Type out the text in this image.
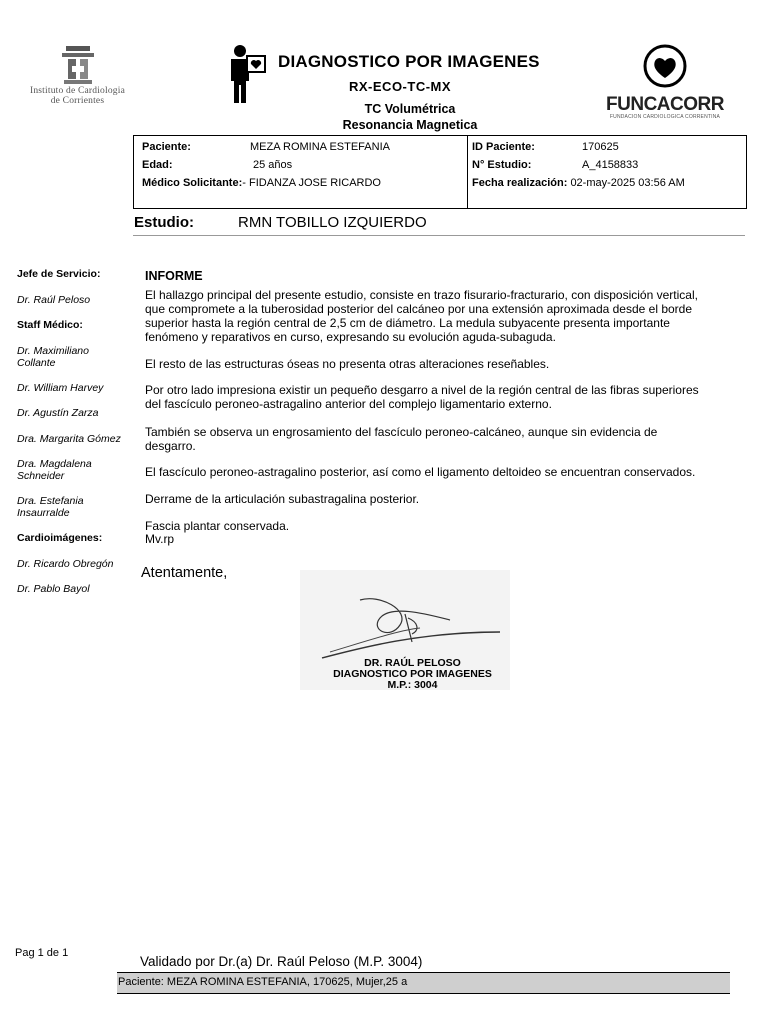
Instituto de Cardiologia
de Corrientes
DIAGNOSTICO POR IMAGENES
RX-ECO-TC-MX
TC Volumétrica
Resonancia Magnetica
FUNCACORR
FUNDACION CARDIOLOGICA CORRENTINA
Paciente:	MEZA ROMINA ESTEFANIA
Edad:	25 años
Médico Solicitante:- FIDANZA JOSE RICARDO
ID Paciente:	170625
N° Estudio:	A_4158833
Fecha realización: 02-may-2025 03:56 AM
Estudio:	RMN TOBILLO IZQUIERDO
Jefe de Servicio:
Dr. Raúl Peloso
Staff Médico:
Dr. Maximiliano
Collante
Dr. William Harvey
Dr. Agustín Zarza
Dra. Margarita Gómez
Dra. Magdalena
Schneider
Dra. Estefania
Insaurralde
Cardioimágenes:
Dr. Ricardo Obregón
Dr. Pablo Bayol
INFORME
El hallazgo principal del presente estudio, consiste en trazo fisurario-fracturario, con disposición vertical,
que compromete a la tuberosidad posterior del calcáneo por una extensión aproximada desde el borde
superior hasta la región central de 2,5 cm de diámetro. La medula subyacente presenta importante
fenómeno y reparativos en curso, expresando su evolución aguda-subaguda.
El resto de las estructuras óseas no presenta otras alteraciones reseñables.
Por otro lado impresiona existir un pequeño desgarro a nivel de la región central de las fibras superiores
del fascículo peroneo-astragalino anterior del complejo ligamentario externo.
También se observa un engrosamiento del fascículo peroneo-calcáneo, aunque sin evidencia de
desgarro.
El fascículo peroneo-astragalino posterior, así como el ligamento deltoideo se encuentran conservados.
Derrame de la articulación subastragalina posterior.
Fascia plantar conservada.
Mv.rp
Atentamente,
DR. RAÚL PELOSO
DIAGNOSTICO POR IMAGENES
M.P.: 3004
Pag 1 de 1
Validado por Dr.(a) Dr. Raúl Peloso (M.P. 3004)
Paciente: MEZA ROMINA ESTEFANIA, 170625, Mujer,25 a
